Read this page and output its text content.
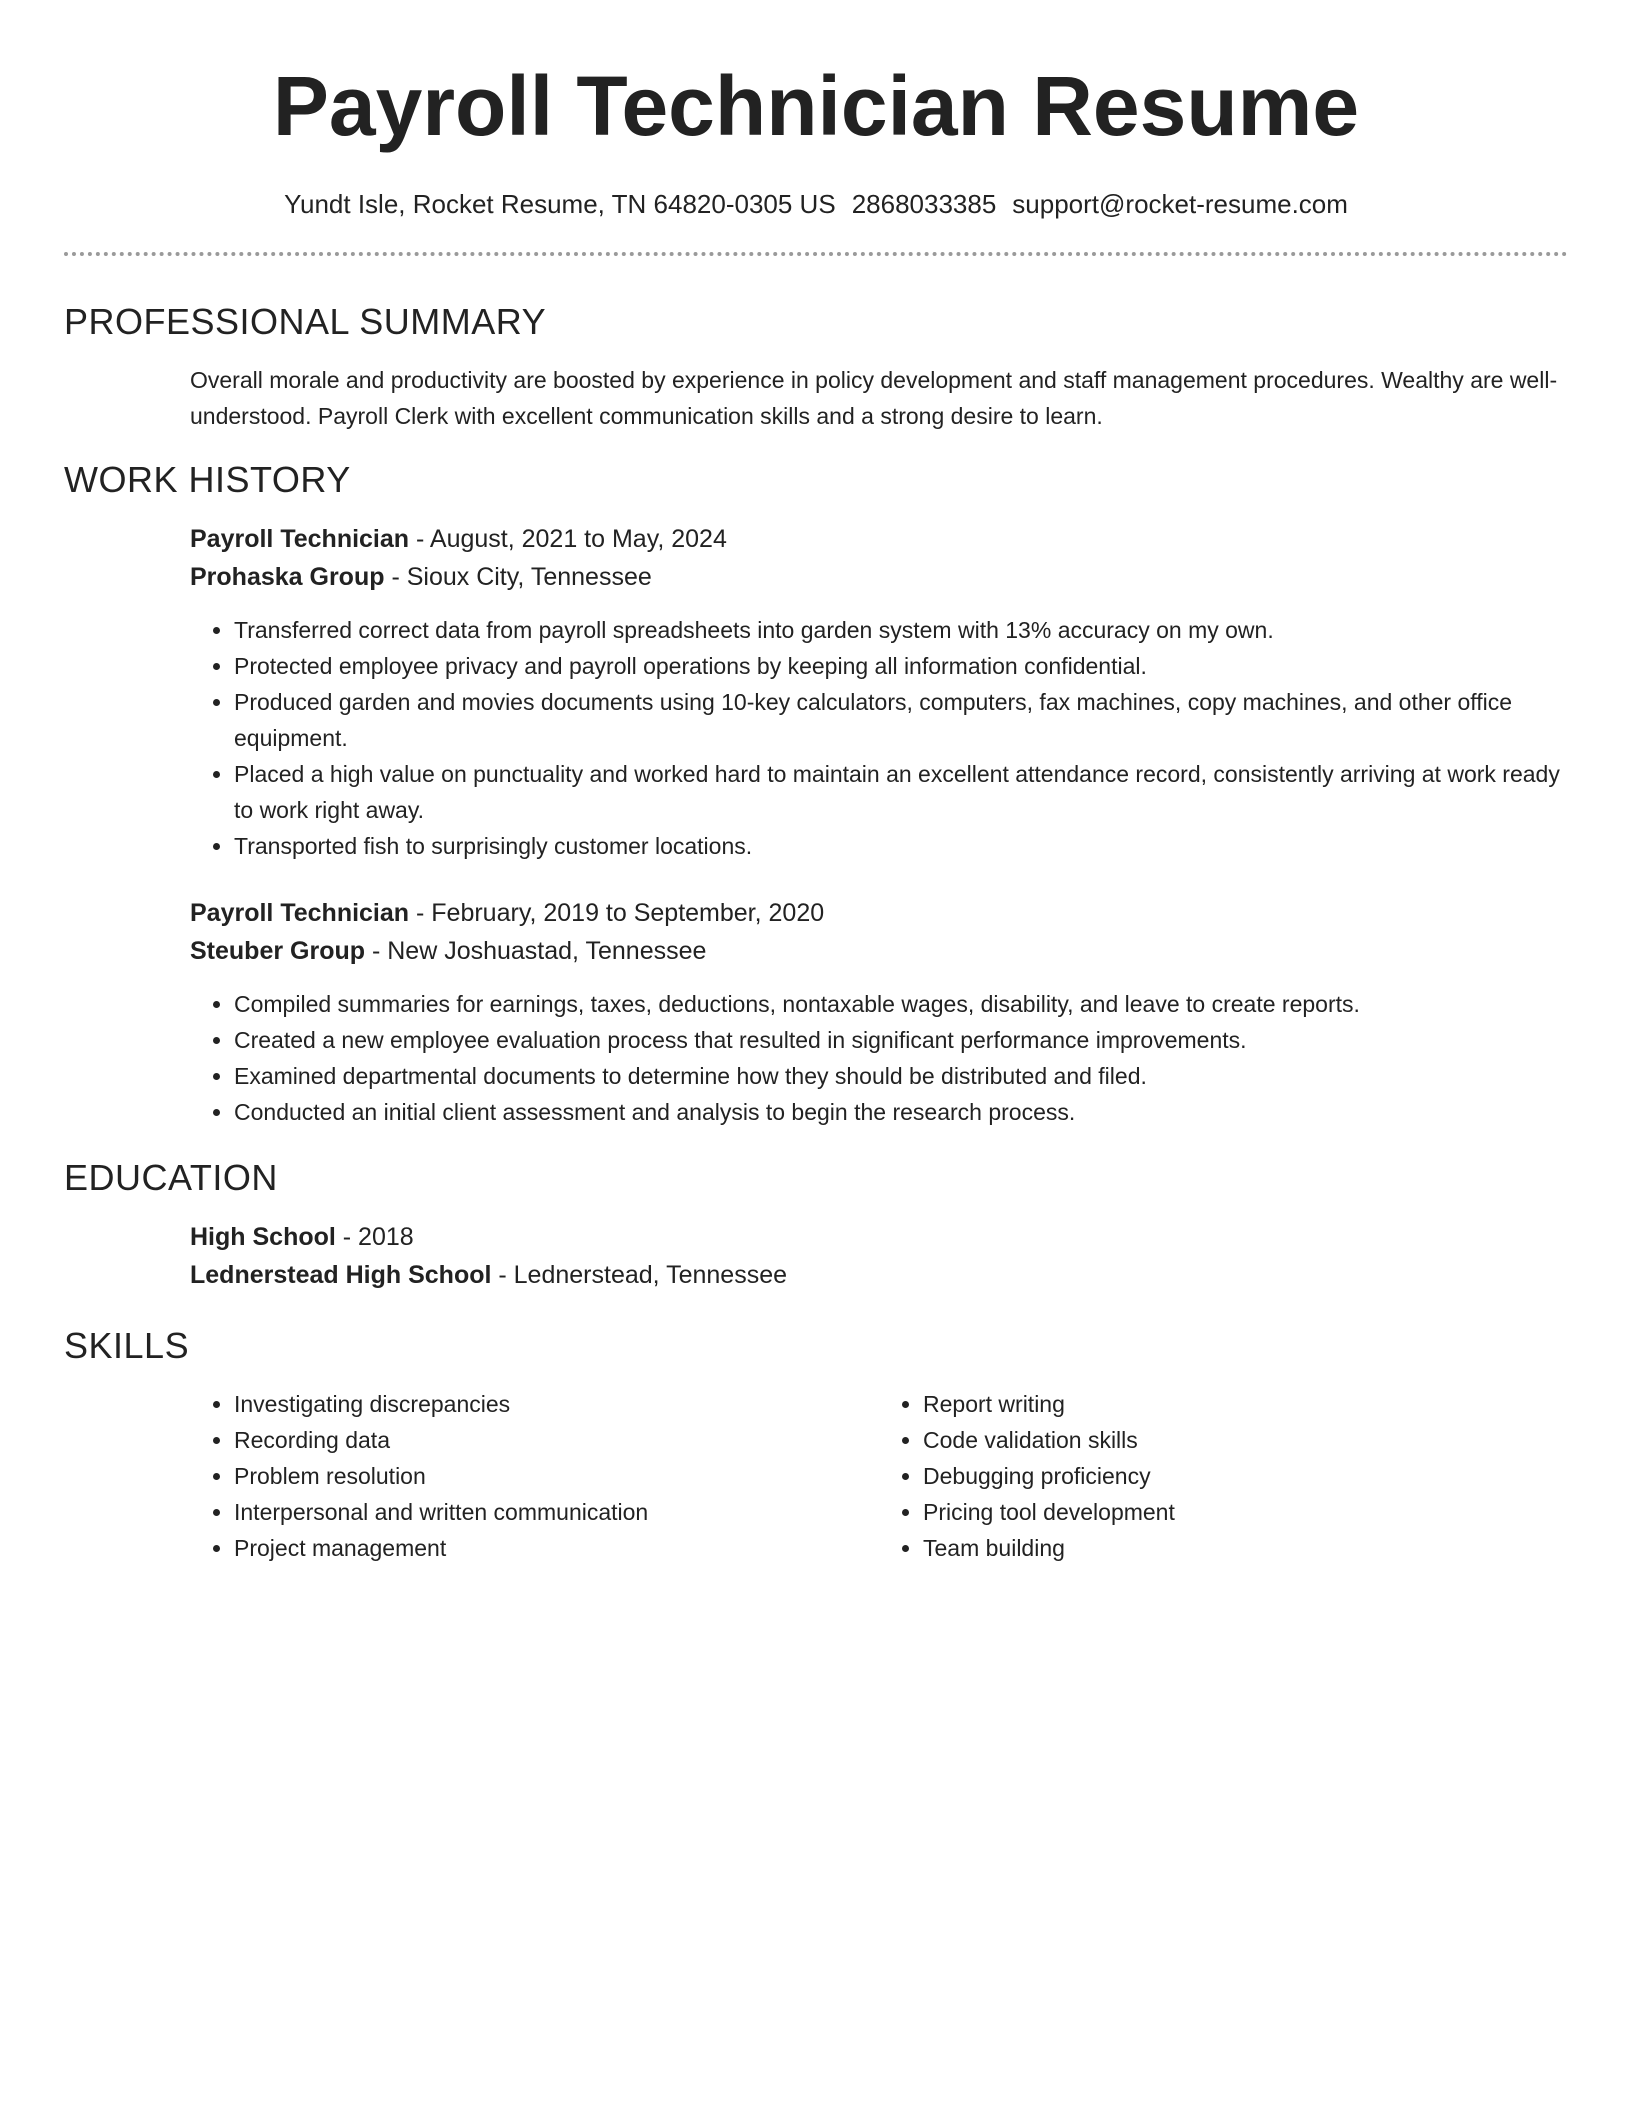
Payroll Technician Resume
Yundt Isle, Rocket Resume, TN 64820-0305 US 2868033385 support@rocket-resume.com
PROFESSIONAL SUMMARY
Overall morale and productivity are boosted by experience in policy development and staff management procedures. Wealthy are well-understood. Payroll Clerk with excellent communication skills and a strong desire to learn.
WORK HISTORY
Payroll Technician - August, 2021 to May, 2024
Prohaska Group - Sioux City, Tennessee
• Transferred correct data from payroll spreadsheets into garden system with 13% accuracy on my own.
• Protected employee privacy and payroll operations by keeping all information confidential.
• Produced garden and movies documents using 10-key calculators, computers, fax machines, copy machines, and other office equipment.
• Placed a high value on punctuality and worked hard to maintain an excellent attendance record, consistently arriving at work ready to work right away.
• Transported fish to surprisingly customer locations.
Payroll Technician - February, 2019 to September, 2020
Steuber Group - New Joshuastad, Tennessee
• Compiled summaries for earnings, taxes, deductions, nontaxable wages, disability, and leave to create reports.
• Created a new employee evaluation process that resulted in significant performance improvements.
• Examined departmental documents to determine how they should be distributed and filed.
• Conducted an initial client assessment and analysis to begin the research process.
EDUCATION
High School - 2018
Lednerstead High School - Lednerstead, Tennessee
SKILLS
• Investigating discrepancies
• Recording data
• Problem resolution
• Interpersonal and written communication
• Project management
• Report writing
• Code validation skills
• Debugging proficiency
• Pricing tool development
• Team building
